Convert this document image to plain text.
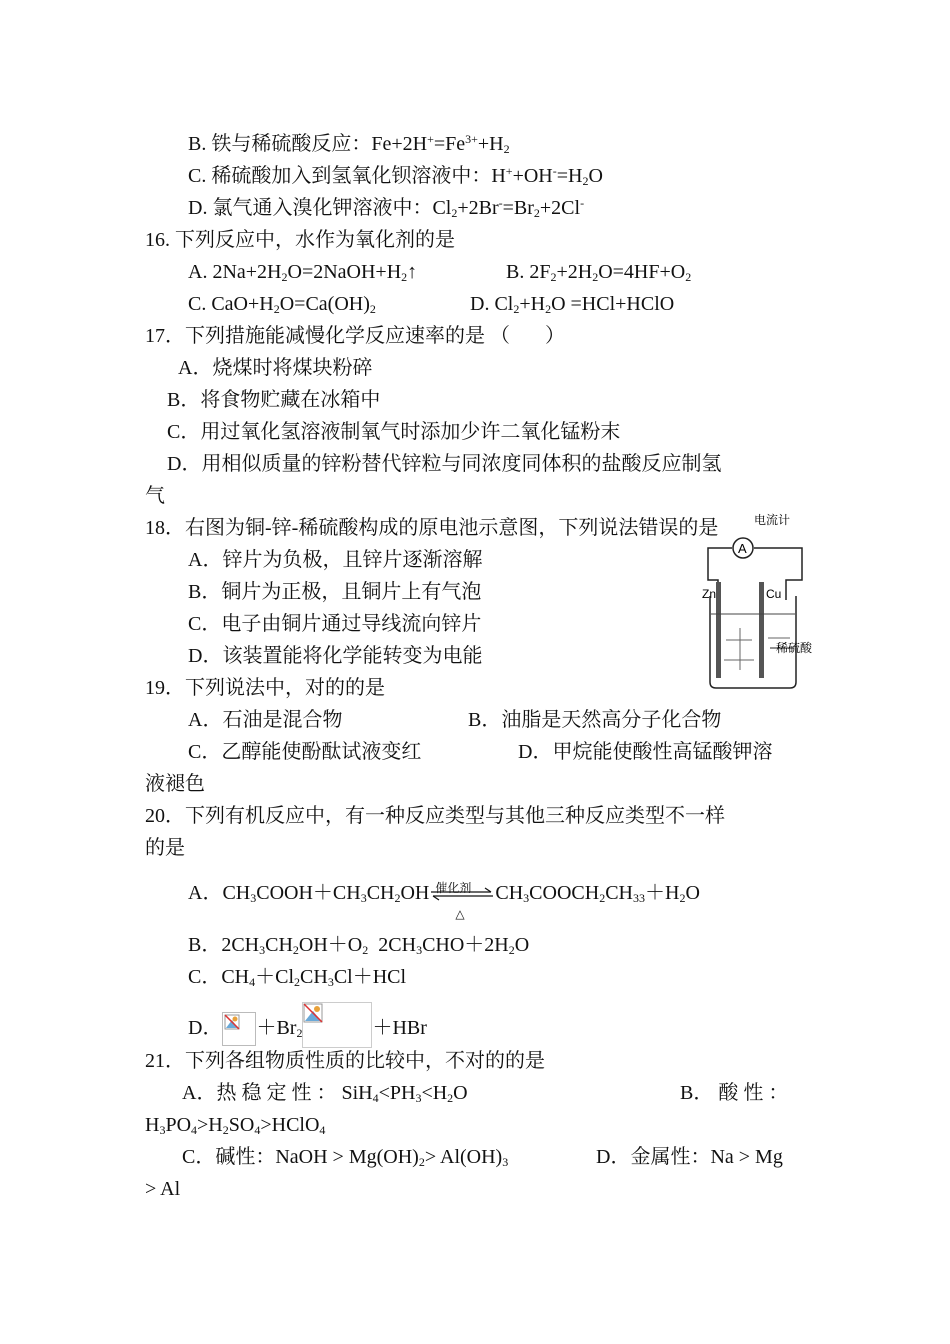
B. 铁与稀硫酸反应：$Fe+2H^+=Fe^{3+}+H_2$
C. 稀硫酸加入到氢氧化钡溶液中：$H^++OH^-=H_2O$
D. 氯气通入溴化钾溶液中：$Cl_2+2Br^-=Br_2+2Cl^-$
16. 下列反应中，水作为氧化剂的是
A. $2Na+2H_2O=2NaOH+H_2↑$	B. $2F_2+2H_2O=4HF+O_2$
C. $CaO+H_2O=Ca(OH)_2$	D. $Cl_2+H_2O$ =HCl+HClO
17．下列措施能减慢化学反应速率的是 （       ）
A．烧煤时将煤块粉碎
B．将食物贮藏在冰箱中
C．用过氧化氢溶液制氧气时添加少许二氧化锰粉末
D．用相似质量的锌粉替代锌粒与同浓度同体积的盐酸反应制氢
气
18．右图为铜-锌-稀硫酸构成的原电池示意图，下列说法错误的是
A．锌片为负极，且锌片逐渐溶解
B．铜片为正极，且铜片上有气泡
C．电子由铜片通过导线流向锌片
D．该装置能将化学能转变为电能
电流计
A
Zn	Cu
稀硫酸
19．下列说法中，对的的是
A．石油是混合物	B．油脂是天然高分子化合物
C．乙醇能使酚酞试液变红	D．甲烷能使酸性高锰酸钾溶
液褪色
20．下列有机反应中，有一种反应类型与其他三种反应类型不一样
的是
A．$CH_3COOH+CH_3CH_2OH$ 催化剂
△
$CH_3COOCH_2CH_{33}+H_2O$
B．$2CH_3CH_2OH+O_2$  $2CH_3CHO+2H_2O$
C．$CH_4+Cl_2CH_3Cl+HCl$
D． $+Br_2$	＋HBr
21．下列各组物质性质的比较中，不对的的是
A．热 稳 定 性 ： $SiH_4<PH_3<H_2O$	B． 酸 性 ：
$H_3PO_4>H_2SO_4>HClO_4$
C．碱性：NaOH > $Mg(OH)_2> Al(OH)_3$	D．金属性：Na > Mg
> Al
